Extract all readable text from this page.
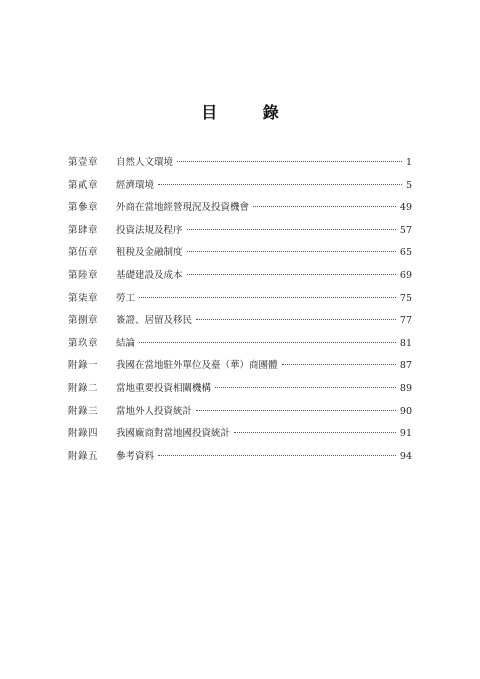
目 錄
第壹章	自然人文環境	1
第貳章	經濟環境	5
第參章	外商在當地經營現況及投資機會	49
第肆章	投資法規及程序	57
第伍章	租稅及金融制度	65
第陸章	基礎建設及成本	69
第柒章	勞工	75
第捌章	簽證、居留及移民	77
第玖章	結論	81
附錄一	我國在當地駐外單位及臺（華）商團體	87
附錄二	當地重要投資相關機構	89
附錄三	當地外人投資統計	90
附錄四	我國廠商對當地國投資統計	91
附錄五	參考資料	94
